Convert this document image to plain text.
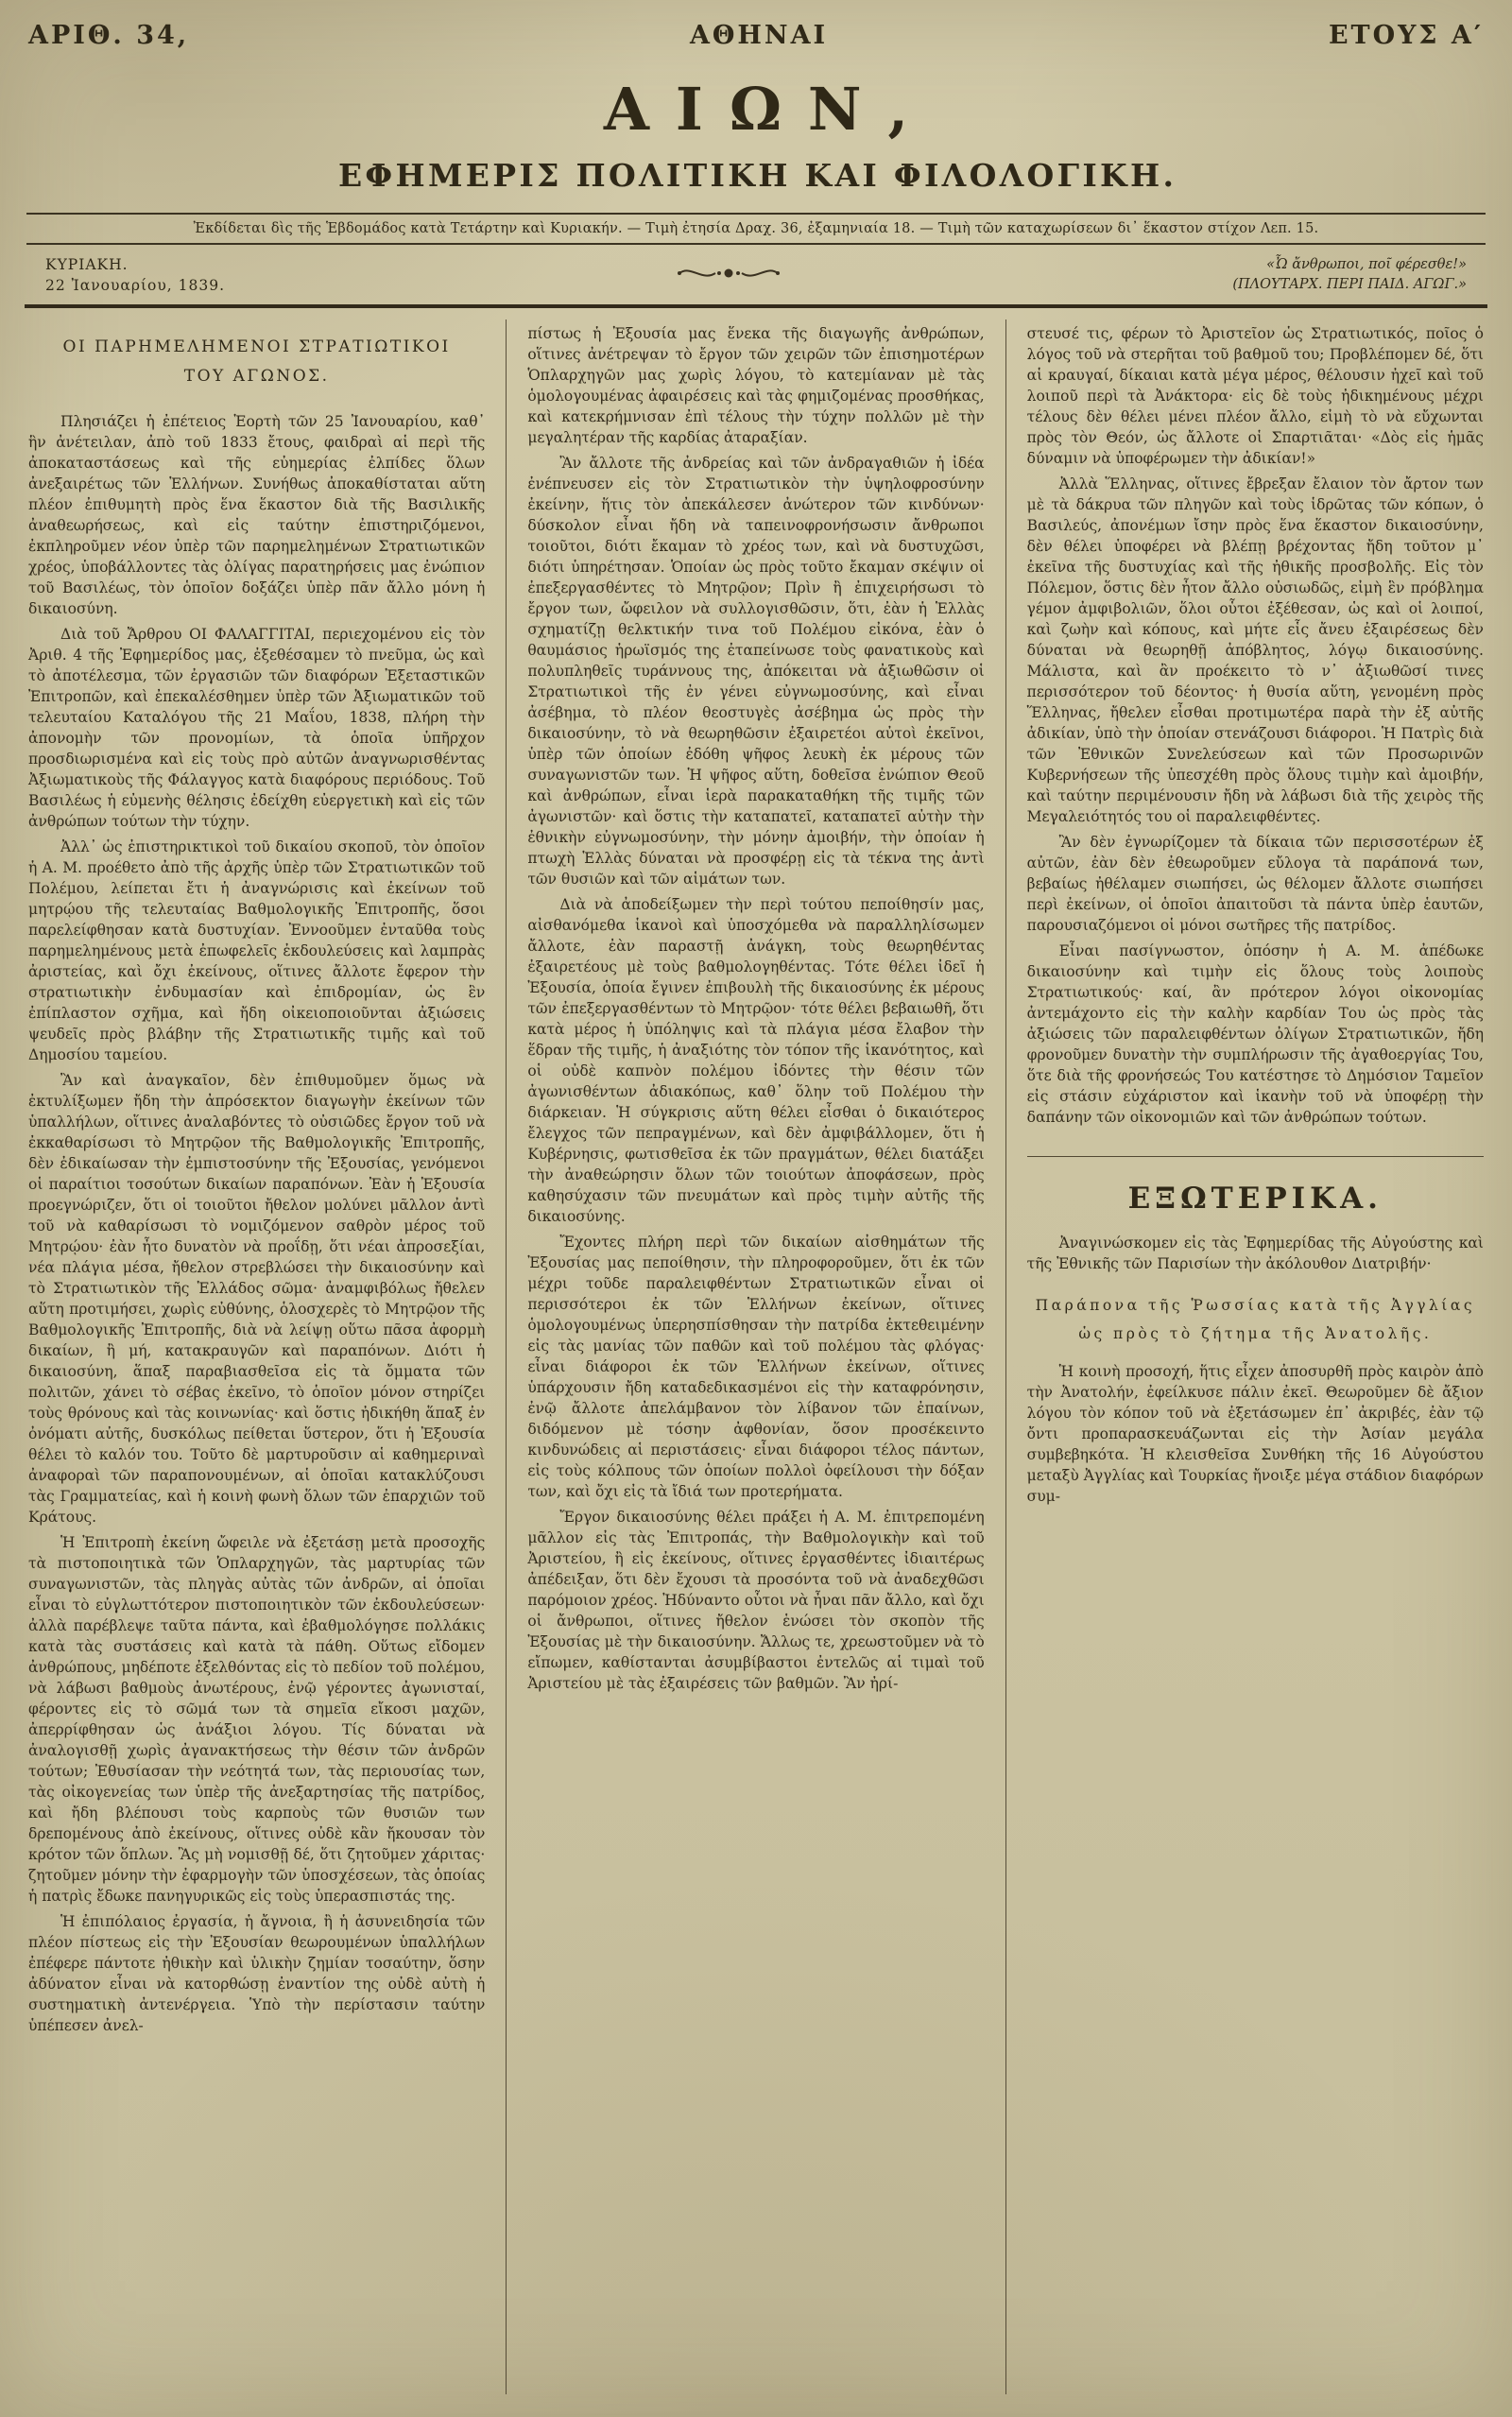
ΑΡΙΘ. 34,	ΑΘΗΝΑΙ	ΕΤΟΥΣ Α′
ΑΙΩΝ,
ΕΦΗΜΕΡΙΣ ΠΟΛΙΤΙΚΗ ΚΑΙ ΦΙΛΟΛΟΓΙΚΗ.

Ἐκδίδεται δὶς τῆς Ἑβδομάδος κατὰ Τετάρτην καὶ Κυριακήν. — Τιμὴ ἐτησία Δραχ. 36, ἐξαμηνιαία 18. — Τιμὴ τῶν καταχωρίσεων δι᾽ ἕκαστον στίχον Λεπ. 15.

ΚΥΡΙΑΚΗ.
22 Ἰανουαρίου, 1839.
«Ὦ ἄνθρωποι, ποῖ φέρεσθε!»
(ΠΛΟΥΤΑΡΧ. ΠΕΡΙ ΠΑΙΔ. ΑΓΩΓ.»
ΟΙ ΠΑΡΗΜΕΛΗΜΕΝΟΙ ΣΤΡΑΤΙΩΤΙΚΟΙ ΤΟΥ ΑΓΩΝΟΣ.

Πλησιάζει ἡ ἐπέτειος Ἑορτὴ τῶν 25 Ἰανουαρίου, καθ᾽ ἣν ἀνέτειλαν, ἀπὸ τοῦ 1833 ἔτους, φαιδραὶ αἱ περὶ τῆς ἀποκαταστάσεως καὶ τῆς εὐημερίας ἐλπίδες ὅλων ἀνεξαιρέτως τῶν Ἑλλήνων. Συνήθως ἀποκαθίσταται αὕτη πλέον ἐπιθυμητὴ πρὸς ἕνα ἕκαστον διὰ τῆς Βασιλικῆς ἀναθεωρήσεως, καὶ εἰς ταύτην ἐπιστηριζόμενοι, ἐκπληροῦμεν νέον ὑπὲρ τῶν παρημελημένων Στρατιωτικῶν χρέος, ὑποβάλλοντες τὰς ὀλίγας παρατηρήσεις μας ἐνώπιον τοῦ Βασιλέως, τὸν ὁποῖον δοξάζει ὑπὲρ πᾶν ἄλλο μόνη ἡ δικαιοσύνη.

Διὰ τοῦ Ἄρθρου ΟΙ ΦΑΛΑΓΓΙΤΑΙ, περιεχομένου εἰς τὸν Ἀριθ. 4 τῆς Ἐφημερίδος μας, ἐξεθέσαμεν τὸ πνεῦμα, ὡς καὶ τὸ ἀποτέλεσμα, τῶν ἐργασιῶν τῶν διαφόρων Ἐξεταστικῶν Ἐπιτροπῶν, καὶ ἐπεκαλέσθημεν ὑπὲρ τῶν Ἀξιωματικῶν τοῦ τελευταίου Καταλόγου τῆς 21 Μαΐου, 1838, πλήρη τὴν ἀπονομὴν τῶν προνομίων, τὰ ὁποῖα ὑπῆρχον προσδιωρισμένα καὶ εἰς τοὺς πρὸ αὐτῶν ἀναγνωρισθέντας Ἀξιωματικοὺς τῆς Φάλαγγος κατὰ διαφόρους περιόδους. Τοῦ Βασιλέως ἡ εὐμενὴς θέλησις ἐδείχθη εὐεργετικὴ καὶ εἰς τῶν ἀνθρώπων τούτων τὴν τύχην.

Ἀλλ᾽ ὡς ἐπιστηρικτικοὶ τοῦ δικαίου σκοποῦ, τὸν ὁποῖον ἡ Α. Μ. προέθετο ἀπὸ τῆς ἀρχῆς ὑπὲρ τῶν Στρατιωτικῶν τοῦ Πολέμου, λείπεται ἔτι ἡ ἀναγνώρισις καὶ ἐκείνων τοῦ μητρῴου τῆς τελευταίας Βαθμολογικῆς Ἐπιτροπῆς, ὅσοι παρελείφθησαν κατὰ δυστυχίαν. Ἐννοοῦμεν ἐνταῦθα τοὺς παρημελημένους μετὰ ἐπωφελεῖς ἐκδουλεύσεις καὶ λαμπρὰς ἀριστείας, καὶ ὄχι ἐκείνους, οἵτινες ἄλλοτε ἔφερον τὴν στρατιωτικὴν ἐνδυμασίαν καὶ ἐπιδρομίαν, ὡς ἓν ἐπίπλαστον σχῆμα, καὶ ἤδη οἰκειοποιοῦνται ἀξιώσεις ψευδεῖς πρὸς βλάβην τῆς Στρατιωτικῆς τιμῆς καὶ τοῦ Δημοσίου ταμείου.

Ἂν καὶ ἀναγκαῖον, δὲν ἐπιθυμοῦμεν ὅμως νὰ ἐκτυλίξωμεν ἤδη τὴν ἀπρόσεκτον διαγωγὴν ἐκείνων τῶν ὑπαλλήλων, οἵτινες ἀναλαβόντες τὸ οὐσιῶδες ἔργον τοῦ νὰ ἐκκαθαρίσωσι τὸ Μητρῷον τῆς Βαθμολογικῆς Ἐπιτροπῆς, δὲν ἐδικαίωσαν τὴν ἐμπιστοσύνην τῆς Ἐξουσίας, γενόμενοι οἱ παραίτιοι τοσούτων δικαίων παραπόνων. Ἐὰν ἡ Ἐξουσία προεγνώριζεν, ὅτι οἱ τοιοῦτοι ἤθελον μολύνει μᾶλλον ἀντὶ τοῦ νὰ καθαρίσωσι τὸ νομιζόμενον σαθρὸν μέρος τοῦ Μητρῴου· ἐὰν ἦτο δυνατὸν νὰ προΐδῃ, ὅτι νέαι ἀπροσεξίαι, νέα πλάγια μέσα, ἤθελον στρεβλώσει τὴν δικαιοσύνην καὶ τὸ Στρατιωτικὸν τῆς Ἑλλάδος σῶμα· ἀναμφιβόλως ἤθελεν αὕτη προτιμήσει, χωρὶς εὐθύνης, ὁλοσχερὲς τὸ Μητρῷον τῆς Βαθμολογικῆς Ἐπιτροπῆς, διὰ νὰ λείψῃ οὕτω πᾶσα ἀφορμὴ δικαίων, ἢ μή, κατακραυγῶν καὶ παραπόνων. Διότι ἡ δικαιοσύνη, ἅπαξ παραβιασθεῖσα εἰς τὰ ὄμματα τῶν πολιτῶν, χάνει τὸ σέβας ἐκεῖνο, τὸ ὁποῖον μόνον στηρίζει τοὺς θρόνους καὶ τὰς κοινωνίας· καὶ ὅστις ἠδικήθη ἅπαξ ἐν ὀνόματι αὐτῆς, δυσκόλως πείθεται ὕστερον, ὅτι ἡ Ἐξουσία θέλει τὸ καλόν του. Τοῦτο δὲ μαρτυροῦσιν αἱ καθημεριναὶ ἀναφοραὶ τῶν παραπονουμένων, αἱ ὁποῖαι κατακλύζουσι τὰς Γραμματείας, καὶ ἡ κοινὴ φωνὴ ὅλων τῶν ἐπαρχιῶν τοῦ Κράτους.

Ἡ Ἐπιτροπὴ ἐκείνη ὤφειλε νὰ ἐξετάσῃ μετὰ προσοχῆς τὰ πιστοποιητικὰ τῶν Ὁπλαρχηγῶν, τὰς μαρτυρίας τῶν συναγωνιστῶν, τὰς πληγὰς αὐτὰς τῶν ἀνδρῶν, αἱ ὁποῖαι εἶναι τὸ εὐγλωττότερον πιστοποιητικὸν τῶν ἐκδουλεύσεων· ἀλλὰ παρέβλεψε ταῦτα πάντα, καὶ ἐβαθμολόγησε πολλάκις κατὰ τὰς συστάσεις καὶ κατὰ τὰ πάθη. Οὕτως εἴδομεν ἀνθρώπους, μηδέποτε ἐξελθόντας εἰς τὸ πεδίον τοῦ πολέμου, νὰ λάβωσι βαθμοὺς ἀνωτέρους, ἐνῷ γέροντες ἀγωνισταί, φέροντες εἰς τὸ σῶμά των τὰ σημεῖα εἴκοσι μαχῶν, ἀπερρίφθησαν ὡς ἀνάξιοι λόγου. Τίς δύναται νὰ ἀναλογισθῇ χωρὶς ἀγανακτήσεως τὴν θέσιν τῶν ἀνδρῶν τούτων; Ἐθυσίασαν τὴν νεότητά των, τὰς περιουσίας των, τὰς οἰκογενείας των ὑπὲρ τῆς ἀνεξαρτησίας τῆς πατρίδος, καὶ ἤδη βλέπουσι τοὺς καρποὺς τῶν θυσιῶν των δρεπομένους ἀπὸ ἐκείνους, οἵτινες οὐδὲ κἂν ἤκουσαν τὸν κρότον τῶν ὅπλων. Ἂς μὴ νομισθῇ δέ, ὅτι ζητοῦμεν χάριτας· ζητοῦμεν μόνην τὴν ἐφαρμογὴν τῶν ὑποσχέσεων, τὰς ὁποίας ἡ πατρὶς ἔδωκε πανηγυρικῶς εἰς τοὺς ὑπερασπιστάς της.

Ἡ ἐπιπόλαιος ἐργασία, ἡ ἄγνοια, ἢ ἡ ἀσυνειδησία τῶν πλέον πίστεως εἰς τὴν Ἐξουσίαν θεωρουμένων ὑπαλλήλων ἐπέφερε πάντοτε ἠθικὴν καὶ ὑλικὴν ζημίαν τοσαύτην, ὅσην ἀδύνατον εἶναι νὰ κατορθώσῃ ἐναντίον της οὐδὲ αὐτὴ ἡ συστηματικὴ ἀντενέργεια. Ὑπὸ τὴν περίστασιν ταύτην ὑπέπεσεν ἀνελ-

πίστως ἡ Ἐξουσία μας ἕνεκα τῆς διαγωγῆς ἀνθρώπων, οἵτινες ἀνέτρεψαν τὸ ἔργον τῶν χειρῶν τῶν ἐπισημοτέρων Ὁπλαρχηγῶν μας χωρὶς λόγου, τὸ κατεμίαναν μὲ τὰς ὁμολογουμένας ἀφαιρέσεις καὶ τὰς φημιζομένας προσθήκας, καὶ κατεκρήμνισαν ἐπὶ τέλους τὴν τύχην πολλῶν μὲ τὴν μεγαλητέραν τῆς καρδίας ἀταραξίαν.

Ἂν ἄλλοτε τῆς ἀνδρείας καὶ τῶν ἀνδραγαθιῶν ἡ ἰδέα ἐνέπνευσεν εἰς τὸν Στρατιωτικὸν τὴν ὑψηλοφροσύνην ἐκείνην, ἥτις τὸν ἀπεκάλεσεν ἀνώτερον τῶν κινδύνων· δύσκολον εἶναι ἤδη νὰ ταπεινοφρονήσωσιν ἄνθρωποι τοιοῦτοι, διότι ἔκαμαν τὸ χρέος των, καὶ νὰ δυστυχῶσι, διότι ὑπηρέτησαν. Ὁποίαν ὡς πρὸς τοῦτο ἔκαμαν σκέψιν οἱ ἐπεξεργασθέντες τὸ Μητρῷον; Πρὶν ἢ ἐπιχειρήσωσι τὸ ἔργον των, ὤφειλον νὰ συλλογισθῶσιν, ὅτι, ἐὰν ἡ Ἑλλὰς σχηματίζῃ θελκτικήν τινα τοῦ Πολέμου εἰκόνα, ἐὰν ὁ θαυμάσιος ἡρωϊσμός της ἐταπείνωσε τοὺς φανατικοὺς καὶ πολυπληθεῖς τυράννους της, ἀπόκειται νὰ ἀξιωθῶσιν οἱ Στρατιωτικοὶ τῆς ἐν γένει εὐγνωμοσύνης, καὶ εἶναι ἀσέβημα, τὸ πλέον θεοστυγὲς ἀσέβημα ὡς πρὸς τὴν δικαιοσύνην, τὸ νὰ θεωρηθῶσιν ἐξαιρετέοι αὐτοὶ ἐκεῖνοι, ὑπὲρ τῶν ὁποίων ἐδόθη ψῆφος λευκὴ ἐκ μέρους τῶν συναγωνιστῶν των. Ἡ ψῆφος αὕτη, δοθεῖσα ἐνώπιον Θεοῦ καὶ ἀνθρώπων, εἶναι ἱερὰ παρακαταθήκη τῆς τιμῆς τῶν ἀγωνιστῶν· καὶ ὅστις τὴν καταπατεῖ, καταπατεῖ αὐτὴν τὴν ἐθνικὴν εὐγνωμοσύνην, τὴν μόνην ἀμοιβήν, τὴν ὁποίαν ἡ πτωχὴ Ἑλλὰς δύναται νὰ προσφέρῃ εἰς τὰ τέκνα της ἀντὶ τῶν θυσιῶν καὶ τῶν αἱμάτων των.

Διὰ νὰ ἀποδείξωμεν τὴν περὶ τούτου πεποίθησίν μας, αἰσθανόμεθα ἱκανοὶ καὶ ὑποσχόμεθα νὰ παραλληλίσωμεν ἄλλοτε, ἐὰν παραστῇ ἀνάγκη, τοὺς θεωρηθέντας ἐξαιρετέους μὲ τοὺς βαθμολογηθέντας. Τότε θέλει ἰδεῖ ἡ Ἐξουσία, ὁποία ἔγινεν ἐπιβουλὴ τῆς δικαιοσύνης ἐκ μέρους τῶν ἐπεξεργασθέντων τὸ Μητρῷον· τότε θέλει βεβαιωθῆ, ὅτι κατὰ μέρος ἡ ὑπόληψις καὶ τὰ πλάγια μέσα ἔλαβον τὴν ἕδραν τῆς τιμῆς, ἡ ἀναξιότης τὸν τόπον τῆς ἱκανότητος, καὶ οἱ οὐδὲ καπνὸν πολέμου ἰδόντες τὴν θέσιν τῶν ἀγωνισθέντων ἀδιακόπως, καθ᾽ ὅλην τοῦ Πολέμου τὴν διάρκειαν. Ἡ σύγκρισις αὕτη θέλει εἶσθαι ὁ δικαιότερος ἔλεγχος τῶν πεπραγμένων, καὶ δὲν ἀμφιβάλλομεν, ὅτι ἡ Κυβέρνησις, φωτισθεῖσα ἐκ τῶν πραγμάτων, θέλει διατάξει τὴν ἀναθεώρησιν ὅλων τῶν τοιούτων ἀποφάσεων, πρὸς καθησύχασιν τῶν πνευμάτων καὶ πρὸς τιμὴν αὐτῆς τῆς δικαιοσύνης.

Ἔχοντες πλήρη περὶ τῶν δικαίων αἰσθημάτων τῆς Ἐξουσίας μας πεποίθησιν, τὴν πληροφοροῦμεν, ὅτι ἐκ τῶν μέχρι τοῦδε παραλειφθέντων Στρατιωτικῶν εἶναι οἱ περισσότεροι ἐκ τῶν Ἑλλήνων ἐκείνων, οἵτινες ὁμολογουμένως ὑπερησπίσθησαν τὴν πατρίδα ἐκτεθειμένην εἰς τὰς μανίας τῶν παθῶν καὶ τοῦ πολέμου τὰς φλόγας· εἶναι διάφοροι ἐκ τῶν Ἑλλήνων ἐκείνων, οἵτινες ὑπάρχουσιν ἤδη καταδεδικασμένοι εἰς τὴν καταφρόνησιν, ἐνῷ ἄλλοτε ἀπελάμβανον τὸν λίβανον τῶν ἐπαίνων, διδόμενον μὲ τόσην ἀφθονίαν, ὅσον προσέκειντο κινδυνώδεις αἱ περιστάσεις· εἶναι διάφοροι τέλος πάντων, εἰς τοὺς κόλπους τῶν ὁποίων πολλοὶ ὀφείλουσι τὴν δόξαν των, καὶ ὄχι εἰς τὰ ἴδιά των προτερήματα.

Ἔργον δικαιοσύνης θέλει πράξει ἡ Α. Μ. ἐπιτρεπομένη μᾶλλον εἰς τὰς Ἐπιτροπάς, τὴν Βαθμολογικὴν καὶ τοῦ Ἀριστείου, ἢ εἰς ἐκείνους, οἵτινες ἐργασθέντες ἰδιαιτέρως ἀπέδειξαν, ὅτι δὲν ἔχουσι τὰ προσόντα τοῦ νὰ ἀναδεχθῶσι παρόμοιον χρέος. Ἠδύναντο οὗτοι νὰ ἦναι πᾶν ἄλλο, καὶ ὄχι οἱ ἄνθρωποι, οἵτινες ἤθελον ἑνώσει τὸν σκοπὸν τῆς Ἐξουσίας μὲ τὴν δικαιοσύνην. Ἄλλως τε, χρεωστοῦμεν νὰ τὸ εἴπωμεν, καθίστανται ἀσυμβίβαστοι ἐντελῶς αἱ τιμαὶ τοῦ Ἀριστείου μὲ τὰς ἐξαιρέσεις τῶν βαθμῶν. Ἂν ἠρί-

στευσέ τις, φέρων τὸ Ἀριστεῖον ὡς Στρατιωτικός, ποῖος ὁ λόγος τοῦ νὰ στερῆται τοῦ βαθμοῦ του; Προβλέπομεν δέ, ὅτι αἱ κραυγαί, δίκαιαι κατὰ μέγα μέρος, θέλουσιν ἠχεῖ καὶ τοῦ λοιποῦ περὶ τὰ Ἀνάκτορα· εἰς δὲ τοὺς ἠδικημένους μέχρι τέλους δὲν θέλει μένει πλέον ἄλλο, εἰμὴ τὸ νὰ εὔχωνται πρὸς τὸν Θεόν, ὡς ἄλλοτε οἱ Σπαρτιᾶται· «Δὸς εἰς ἡμᾶς δύναμιν νὰ ὑποφέρωμεν τὴν ἀδικίαν!»

Ἀλλὰ Ἕλληνας, οἵτινες ἔβρεξαν ἔλαιον τὸν ἄρτον των μὲ τὰ δάκρυα τῶν πληγῶν καὶ τοὺς ἱδρῶτας τῶν κόπων, ὁ Βασιλεύς, ἀπονέμων ἴσην πρὸς ἕνα ἕκαστον δικαιοσύνην, δὲν θέλει ὑποφέρει νὰ βλέπῃ βρέχοντας ἤδη τοῦτον μ᾽ ἐκεῖνα τῆς δυστυχίας καὶ τῆς ἠθικῆς προσβολῆς. Εἰς τὸν Πόλεμον, ὅστις δὲν ἦτον ἄλλο οὐσιωδῶς, εἰμὴ ἓν πρόβλημα γέμον ἀμφιβολιῶν, ὅλοι οὗτοι ἐξέθεσαν, ὡς καὶ οἱ λοιποί, καὶ ζωὴν καὶ κόπους, καὶ μήτε εἷς ἄνευ ἐξαιρέσεως δὲν δύναται νὰ θεωρηθῇ ἀπόβλητος, λόγῳ δικαιοσύνης. Μάλιστα, καὶ ἂν προέκειτο τὸ ν᾽ ἀξιωθῶσί τινες περισσότερον τοῦ δέοντος· ἡ θυσία αὕτη, γενομένη πρὸς Ἕλληνας, ἤθελεν εἶσθαι προτιμωτέρα παρὰ τὴν ἐξ αὐτῆς ἀδικίαν, ὑπὸ τὴν ὁποίαν στενάζουσι διάφοροι. Ἡ Πατρὶς διὰ τῶν Ἐθνικῶν Συνελεύσεων καὶ τῶν Προσωρινῶν Κυβερνήσεων τῆς ὑπεσχέθη πρὸς ὅλους τιμὴν καὶ ἀμοιβήν, καὶ ταύτην περιμένουσιν ἤδη νὰ λάβωσι διὰ τῆς χειρὸς τῆς Μεγαλειότητός του οἱ παραλειφθέντες.

Ἂν δὲν ἐγνωρίζομεν τὰ δίκαια τῶν περισσοτέρων ἐξ αὐτῶν, ἐὰν δὲν ἐθεωροῦμεν εὔλογα τὰ παράπονά των, βεβαίως ἠθέλαμεν σιωπήσει, ὡς θέλομεν ἄλλοτε σιωπήσει περὶ ἐκείνων, οἱ ὁποῖοι ἀπαιτοῦσι τὰ πάντα ὑπὲρ ἑαυτῶν, παρουσιαζόμενοι οἱ μόνοι σωτῆρες τῆς πατρίδος.

Εἶναι πασίγνωστον, ὁπόσην ἡ Α. Μ. ἀπέδωκε δικαιοσύνην καὶ τιμὴν εἰς ὅλους τοὺς λοιποὺς Στρατιωτικούς· καί, ἂν πρότερον λόγοι οἰκονομίας ἀντεμάχοντο εἰς τὴν καλὴν καρδίαν Του ὡς πρὸς τὰς ἀξιώσεις τῶν παραλειφθέντων ὀλίγων Στρατιωτικῶν, ἤδη φρονοῦμεν δυνατὴν τὴν συμπλήρωσιν τῆς ἀγαθοεργίας Του, ὅτε διὰ τῆς φρονήσεώς Του κατέστησε τὸ Δημόσιον Ταμεῖον εἰς στάσιν εὐχάριστον καὶ ἱκανὴν τοῦ νὰ ὑποφέρῃ τὴν δαπάνην τῶν οἰκονομιῶν καὶ τῶν ἀνθρώπων τούτων.

ΕΞΩΤΕΡΙΚΑ.

Ἀναγινώσκομεν εἰς τὰς Ἐφημερίδας τῆς Αὐγούστης καὶ τῆς Ἐθνικῆς τῶν Παρισίων τὴν ἀκόλουθον Διατριβήν·

Παράπονα τῆς Ῥωσσίας κατὰ τῆς Ἀγγλίας ὡς πρὸς τὸ ζήτημα τῆς Ἀνατολῆς.

Ἡ κοινὴ προσοχή, ἥτις εἶχεν ἀποσυρθῆ πρὸς καιρὸν ἀπὸ τὴν Ἀνατολήν, ἐφείλκυσε πάλιν ἐκεῖ. Θεωροῦμεν δὲ ἄξιον λόγου τὸν κόπον τοῦ νὰ ἐξετάσωμεν ἐπ᾽ ἀκριβές, ἐὰν τῷ ὄντι προπαρασκευάζωνται εἰς τὴν Ἀσίαν μεγάλα συμβεβηκότα. Ἡ κλεισθεῖσα Συνθήκη τῆς 16 Αὐγούστου μεταξὺ Ἀγγλίας καὶ Τουρκίας ἤνοιξε μέγα στάδιον διαφόρων συμ-
